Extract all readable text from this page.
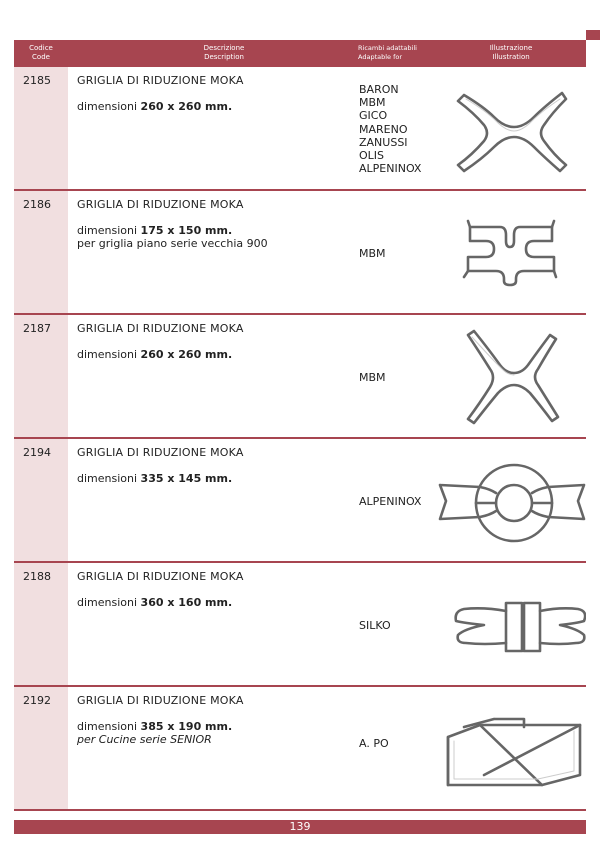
Codice
Code
Descrizione
Description
Ricambi adattabili
Adaptable for
Illustrazione
Illustration
2185 GRIGLIA DI RIDUZIONE MOKA
dimensioni 260 x 260 mm.
BARON
MBM
GICO
MARENO
ZANUSSI
OLIS
ALPENINOX
2186 GRIGLIA DI RIDUZIONE MOKA
dimensioni 175 x 150 mm.
per griglia piano serie vecchia 900
MBM
2187 GRIGLIA DI RIDUZIONE MOKA
dimensioni 260 x 260 mm.
MBM
2194 GRIGLIA DI RIDUZIONE MOKA
dimensioni 335 x 145 mm.
ALPENINOX
2188 GRIGLIA DI RIDUZIONE MOKA
dimensioni 360 x 160 mm.
SILKO
2192 GRIGLIA DI RIDUZIONE MOKA
dimensioni 385 x 190 mm.
per Cucine serie SENIOR	A. PO
139
